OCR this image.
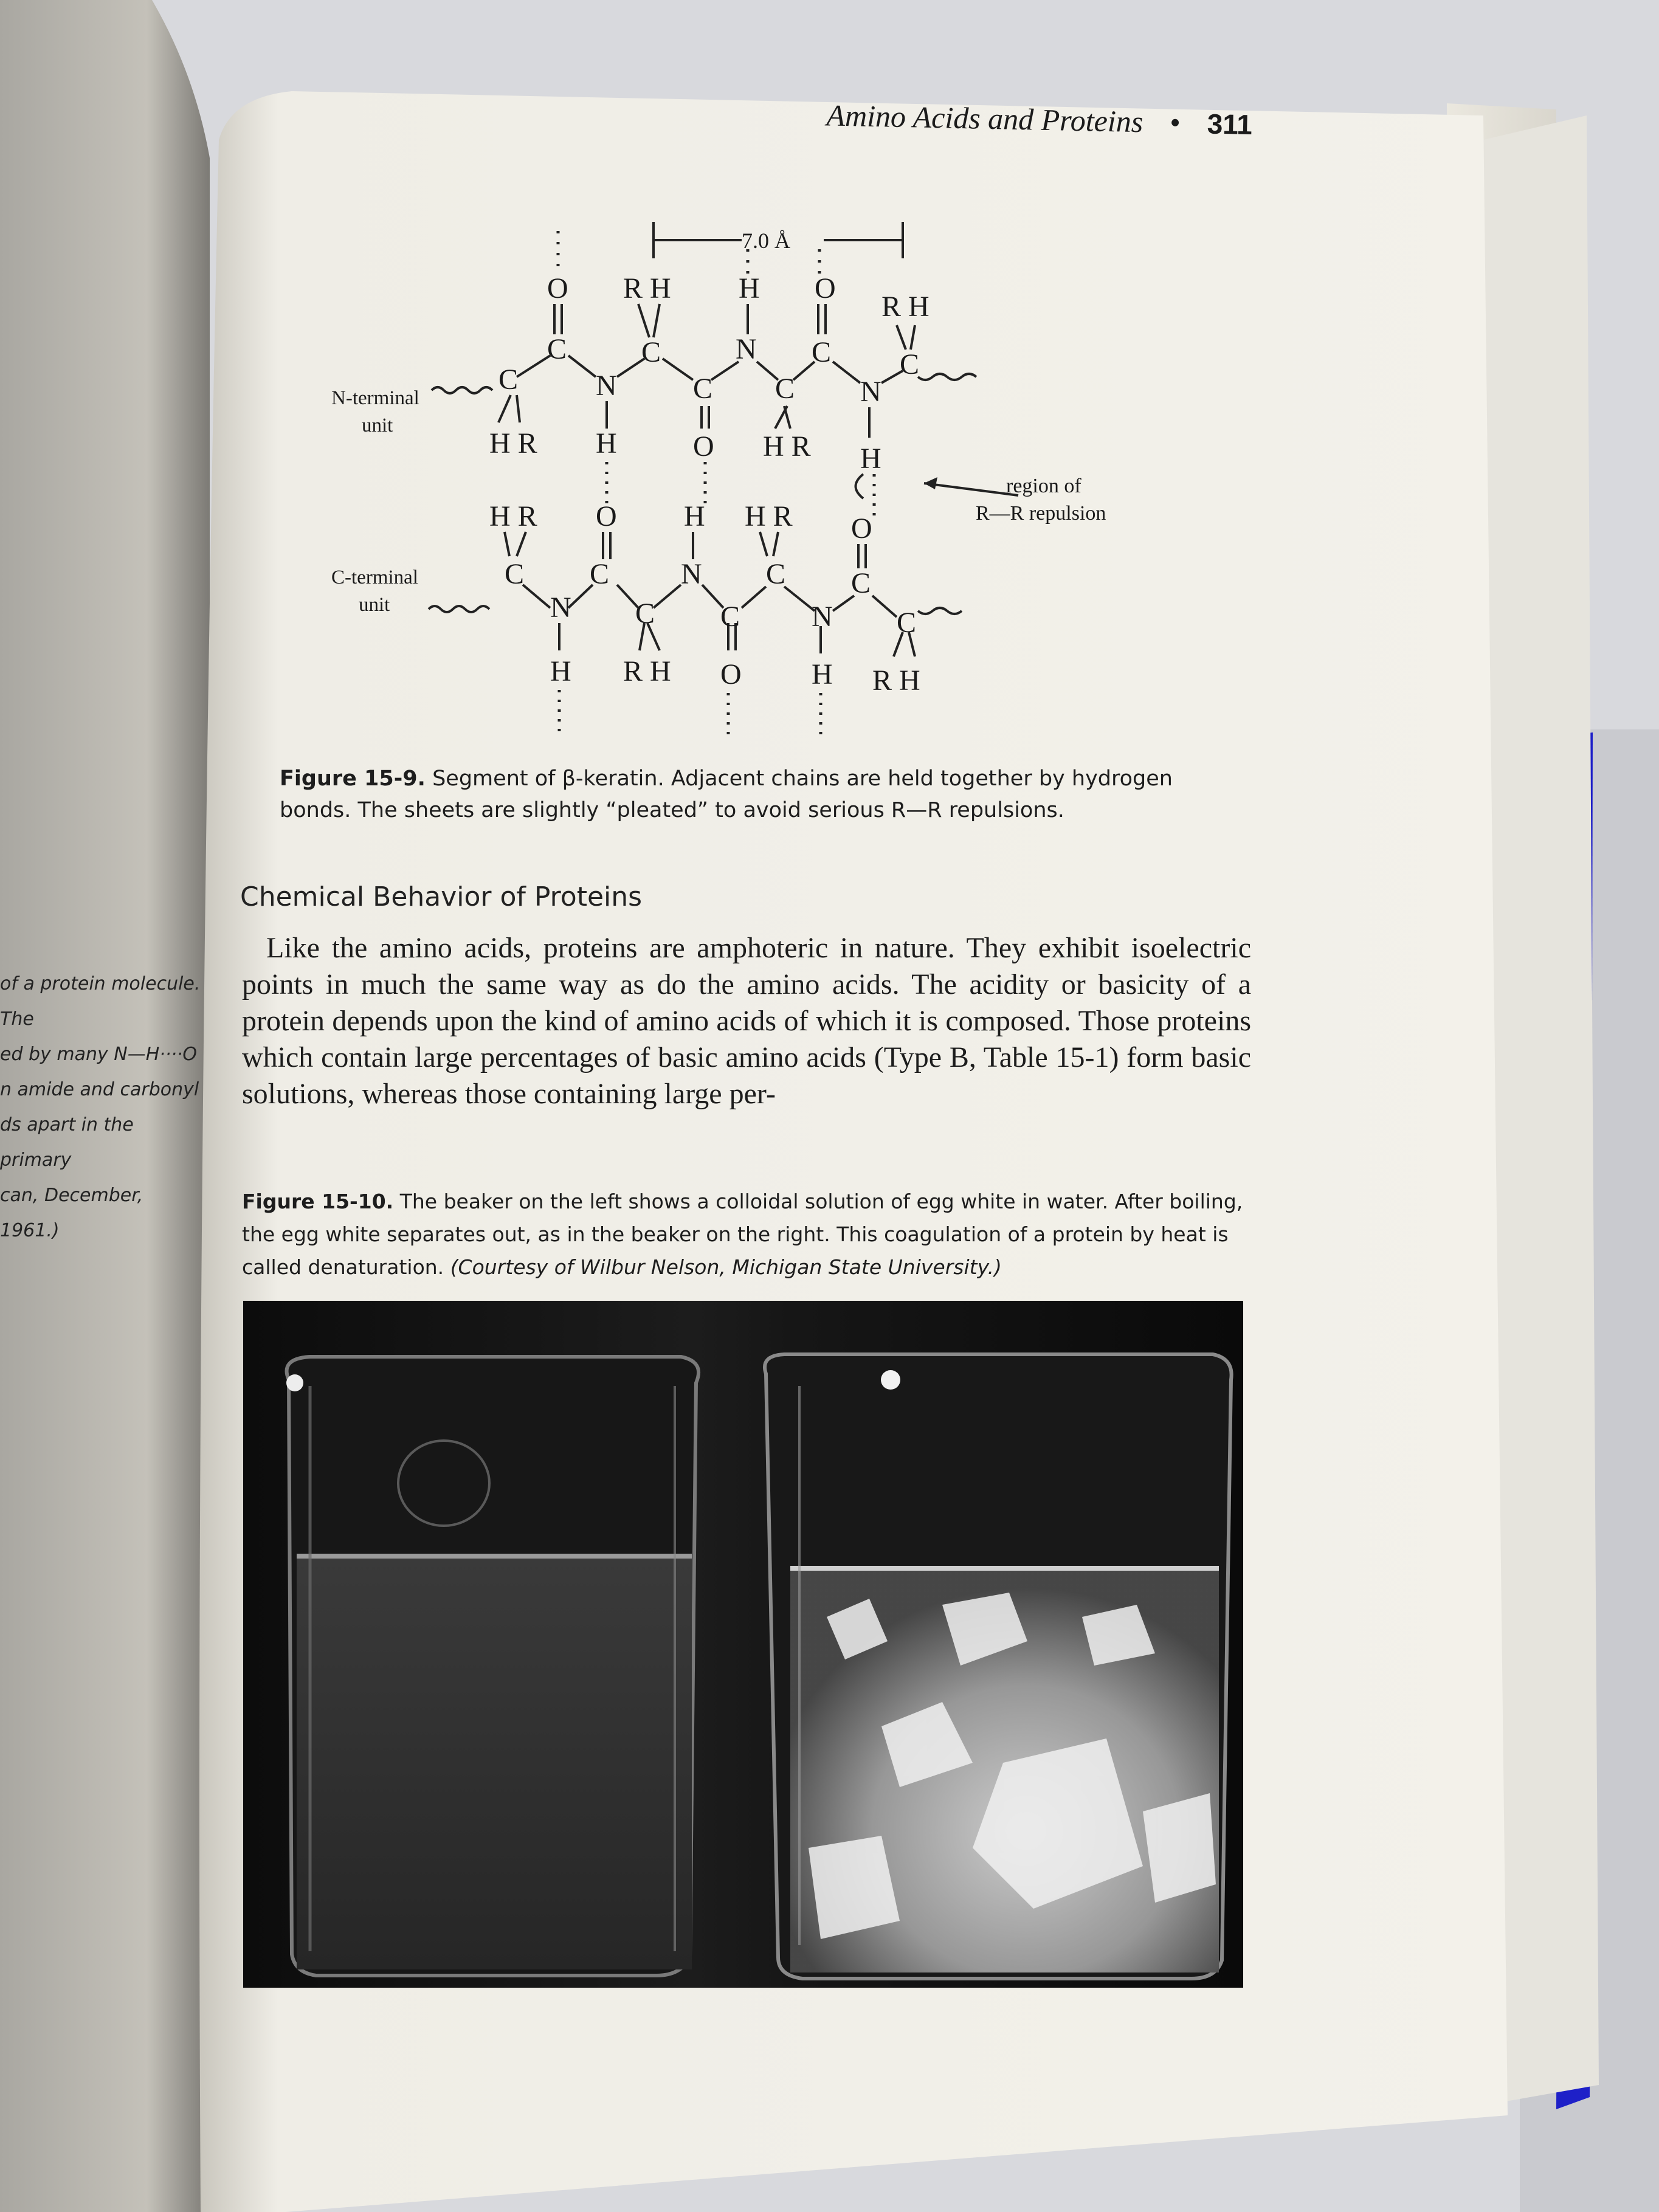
of a protein molecule. The
ed by many N—H····O
n amide and carbonyl
ds apart in the primary
can, December, 1961.)
Amino Acids and Proteins • 311
7.0 Å
O
C
R H H O
R H
C	N C C
C	N	C C N
H R H	O H R H
region of
R—R repulsion
H R O H H R O
C C N C C
N C C N C
H R H O H R H
N-terminal
unit
C-terminal
unit
Figure 15-9. Segment of β-keratin. Adjacent chains are held together by hydrogen bonds. The sheets are slightly “pleated” to avoid serious R—R repulsions.
Chemical Behavior of Proteins
Like the amino acids, proteins are amphoteric in nature. They exhibit isoelectric points in much the same way as do the amino acids. The acidity or basicity of a protein depends upon the kind of amino acids of which it is composed. Those proteins which contain large percentages of basic amino acids (Type B, Table 15-1) form basic solutions, whereas those containing large per-
Figure 15-10. The beaker on the left shows a colloidal solution of egg white in water. After boiling, the egg white separates out, as in the beaker on the right. This coagulation of a protein by heat is called denaturation. (Courtesy of Wilbur Nelson, Michigan State University.)
